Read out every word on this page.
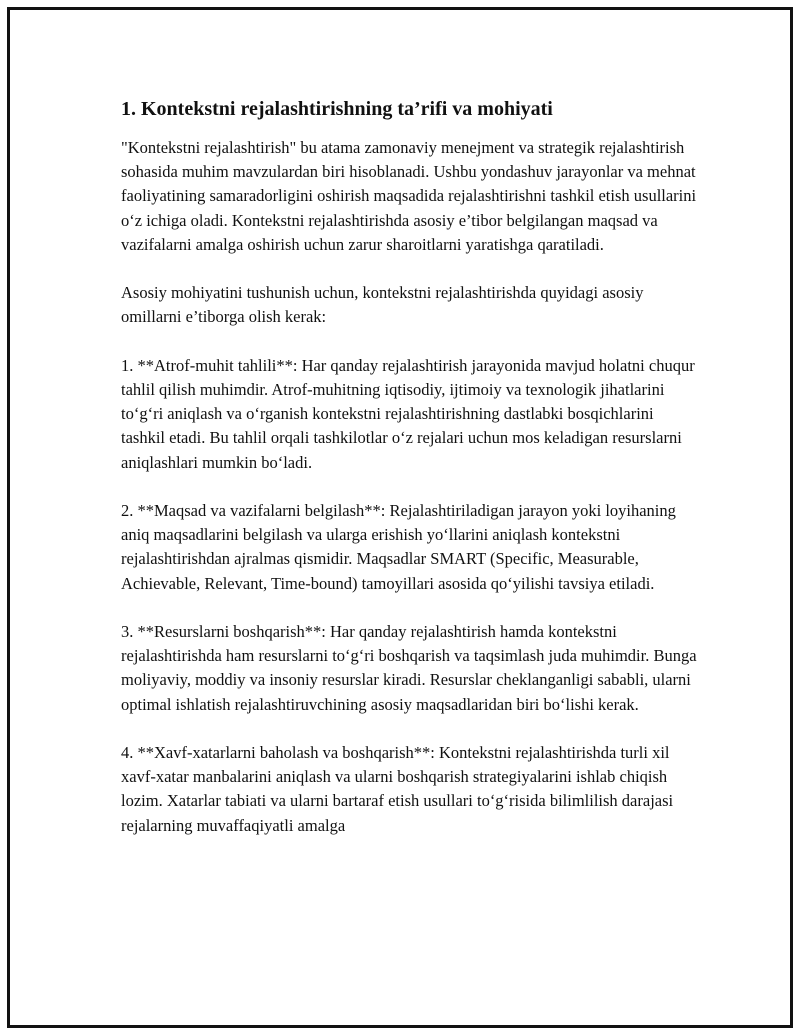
1. Kontekstni rejalashtirishning ta’rifi va mohiyati

"Kontekstni rejalashtirish" bu atama zamonaviy menejment va strategik rejalashtirish sohasida muhim mavzulardan biri hisoblanadi. Ushbu yondashuv jarayonlar va mehnat faoliyatining samaradorligini oshirish maqsadida rejalashtirishni tashkil etish usullarini o‘z ichiga oladi. Kontekstni rejalashtirishda asosiy e’tibor belgilangan maqsad va vazifalarni amalga oshirish uchun zarur sharoitlarni yaratishga qaratiladi.

Asosiy mohiyatini tushunish uchun, kontekstni rejalashtirishda quyidagi asosiy omillarni e’tiborga olish kerak:

1. **Atrof-muhit tahlili**: Har qanday rejalashtirish jarayonida mavjud holatni chuqur tahlil qilish muhimdir. Atrof-muhitning iqtisodiy, ijtimoiy va texnologik jihatlarini to‘g‘ri aniqlash va o‘rganish kontekstni rejalashtirishning dastlabki bosqichlarini tashkil etadi. Bu tahlil orqali tashkilotlar o‘z rejalari uchun mos keladigan resurslarni aniqlashlari mumkin bo‘ladi.

2. **Maqsad va vazifalarni belgilash**: Rejalashtiriladigan jarayon yoki loyihaning aniq maqsadlarini belgilash va ularga erishish yo‘llarini aniqlash kontekstni rejalashtirishdan ajralmas qismidir. Maqsadlar SMART (Specific, Measurable, Achievable, Relevant, Time-bound) tamoyillari asosida qo‘yilishi tavsiya etiladi.

3. **Resurslarni boshqarish**: Har qanday rejalashtirish hamda kontekstni rejalashtirishda ham resurslarni to‘g‘ri boshqarish va taqsimlash juda muhimdir. Bunga moliyaviy, moddiy va insoniy resurslar kiradi. Resurslar cheklanganligi sababli, ularni optimal ishlatish rejalashtiruvchining asosiy maqsadlaridan biri bo‘lishi kerak.

4. **Xavf-xatarlarni baholash va boshqarish**: Kontekstni rejalashtirishda turli xil xavf-xatar manbalarini aniqlash va ularni boshqarish strategiyalarini ishlab chiqish lozim. Xatarlar tabiati va ularni bartaraf etish usullari to‘g‘risida bilimlilish darajasi rejalarning muvaffaqiyatli amalga
